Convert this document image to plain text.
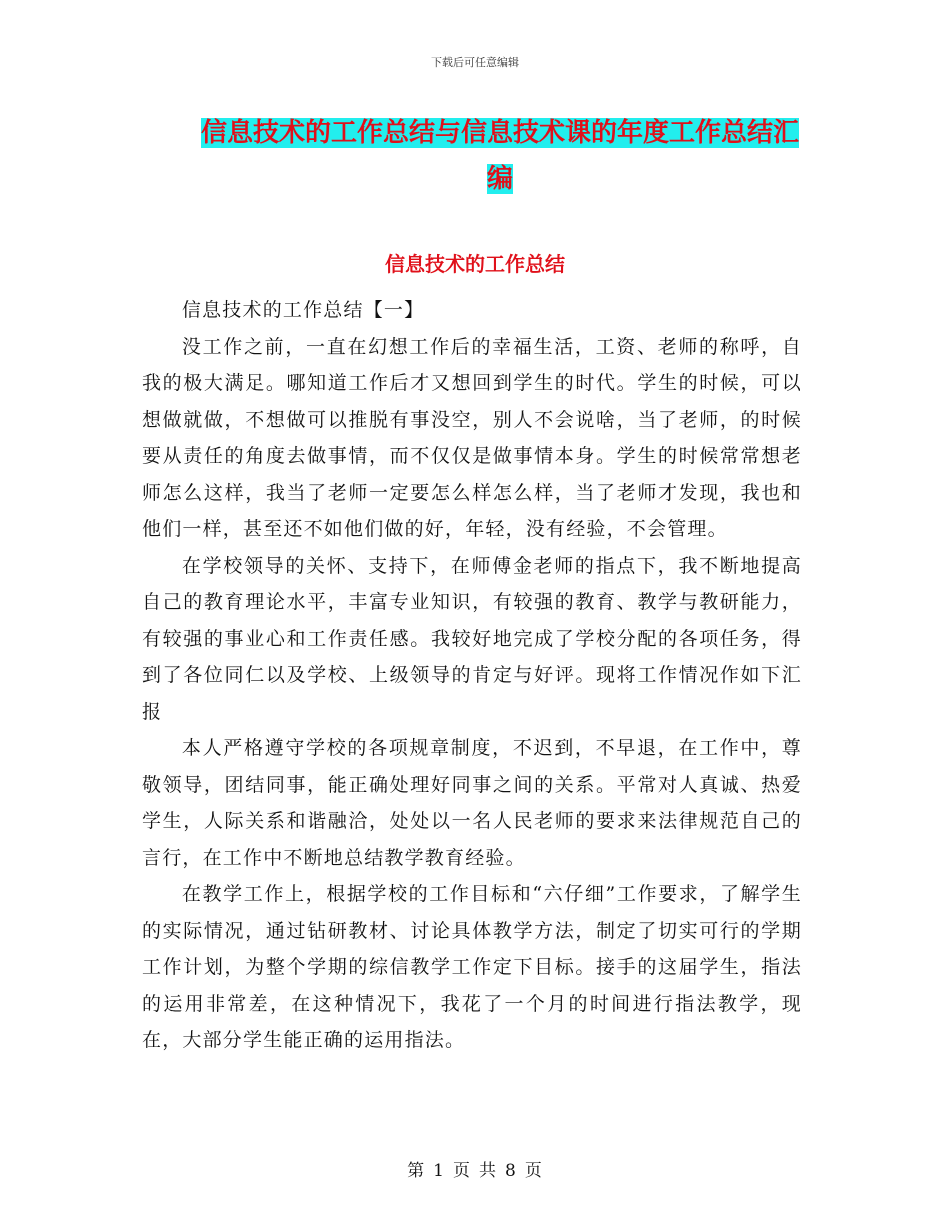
下载后可任意编辑
信息技术的工作总结与信息技术课的年度工作总结汇
编
信息技术的工作总结

信息技术的工作总结【一】

没工作之前，一直在幻想工作后的幸福生活，工资、老师的称呼，自我的极大满足。哪知道工作后才又想回到学生的时代。学生的时候，可以想做就做，不想做可以推脱有事没空，别人不会说啥，当了老师，的时候要从责任的角度去做事情，而不仅仅是做事情本身。学生的时候常常想老师怎么这样，我当了老师一定要怎么样怎么样，当了老师才发现，我也和他们一样，甚至还不如他们做的好，年轻，没有经验，不会管理。

在学校领导的关怀、支持下，在师傅金老师的指点下，我不断地提高自己的教育理论水平，丰富专业知识，有较强的教育、教学与教研能力，有较强的事业心和工作责任感。我较好地完成了学校分配的各项任务，得到了各位同仁以及学校、上级领导的肯定与好评。现将工作情况作如下汇报

本人严格遵守学校的各项规章制度，不迟到，不早退，在工作中，尊敬领导，团结同事，能正确处理好同事之间的关系。平常对人真诚、热爱学生，人际关系和谐融洽，处处以一名人民老师的要求来法律规范自己的言行，在工作中不断地总结教学教育经验。

在教学工作上，根据学校的工作目标和“六仔细”工作要求，了解学生的实际情况，通过钻研教材、讨论具体教学方法，制定了切实可行的学期工作计划，为整个学期的综信教学工作定下目标。接手的这届学生，指法的运用非常差，在这种情况下，我花了一个月的时间进行指法教学，现在，大部分学生能正确的运用指法。

第 1 页 共 8 页
